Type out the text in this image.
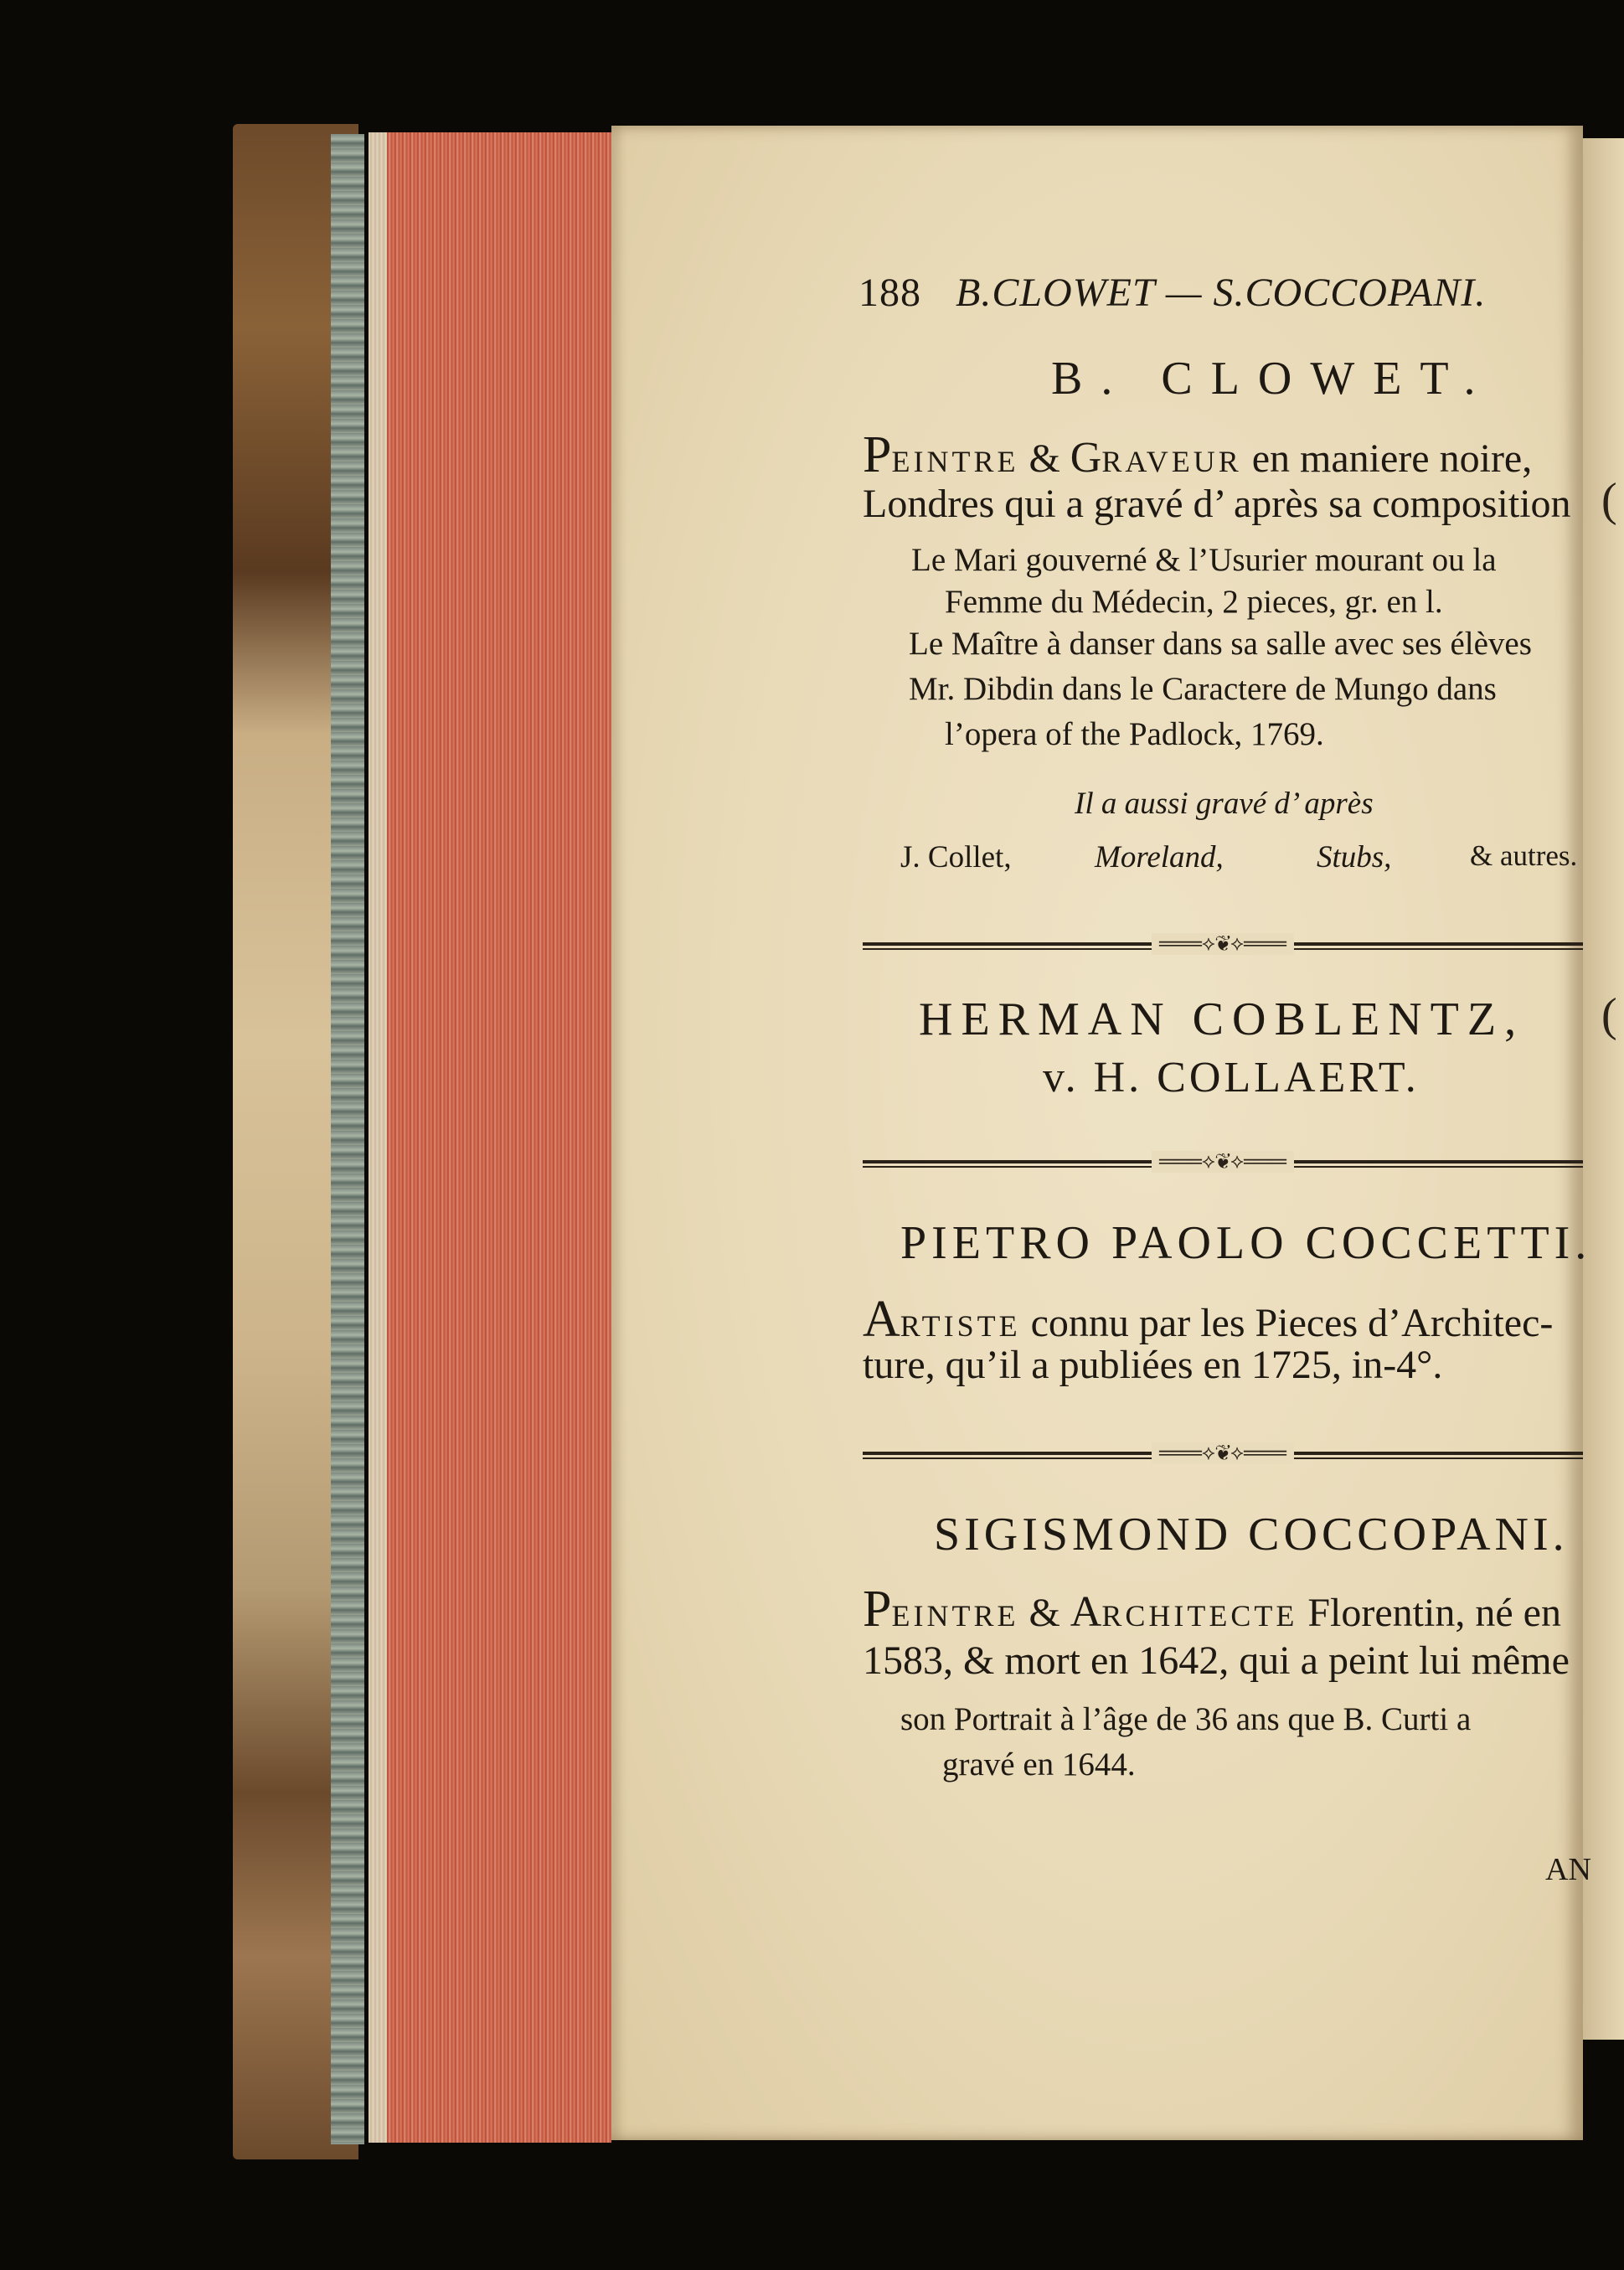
188 B.CLOWET — S.COCCOPANI.
B. CLOWET.
PEINTRE & GRAVEUR en maniere noire,
Londres qui a gravé d’ après sa composition
Le Mari gouverné & l’Usurier mourant ou la
Femme du Médecin, 2 pieces, gr. en l.
Le Maître à danser dans sa salle avec ses élèves
Mr. Dibdin dans le Caractere de Mungo dans
l’opera of the Padlock, 1769.
Il a aussi gravé d’ après
J. Collet,	Moreland,	Stubs,	& autres.
═══⟡❦⟡═══
HERMAN COBLENTZ,
v. H. COLLAERT.
═══⟡❦⟡═══
PIETRO PAOLO COCCETTI.
ARTISTE connu par les Pieces d’Architec-
ture, qu’il a publiées en 1725, in-4°.
═══⟡❦⟡═══
SIGISMOND COCCOPANI.
PEINTRE & ARCHITECTE Florentin, né en
1583, & mort en 1642, qui a peint lui même
son Portrait à l’âge de 36 ans que B. Curti a
gravé en 1644.
AN
(
(
